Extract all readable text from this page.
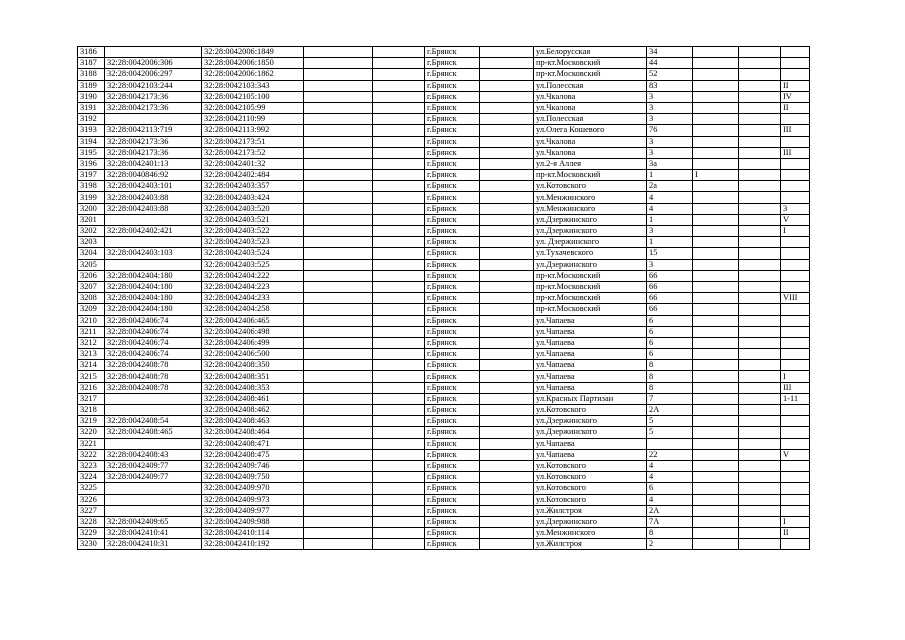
3186		32:28:0042006:1849			г.Брянск		ул.Белорусская	34			
3187	32:28:0042006:306	32:28:0042006:1850			г.Брянск		пр-кт.Московский	44			
3188	32:28:0042006:297	32:28:0042006:1862			г.Брянск		пр-кт.Московский	52			
3189	32:28:0042103:244	32:28:0042103:343			г.Брянск		ул.Полесская	83			II
3190	32:28:0042173:36	32:28:0042105:100			г.Брянск		ул.Чкалова	3			IV
3191	32:28:0042173:36	32:28:0042105:99			г.Брянск		ул.Чкалова	3			II
3192		32:28:0042110:99			г.Брянск		ул.Полесская	3			
3193	32:28:0042113:719	32:28:0042113:992			г.Брянск		ул.Олега Кошевого	76			III
3194	32:28:0042173:36	32:28:0042173:51			г.Брянск		ул.Чкалова	3			
3195	32:28:0042173:36	32:28:0042173:52			г.Брянск		ул.Чкалова	3			III
3196	32:28:0042401:13	32:28:0042401:32			г.Брянск		ул.2-я Аллея	3а			
3197	32:28:0040846:92	32:28:0042402:484			г.Брянск		пр-кт.Московский	1	I		
3198	32:28:0042403:101	32:28:0042403:357			г.Брянск		ул.Котовского	2а			
3199	32:28:0042403:88	32:28:0042403:424			г.Брянск		ул.Менжинского	4			
3200	32:28:0042403:88	32:28:0042403:520			г.Брянск		ул.Менжинского	4			3
3201		32:28:0042403:521			г.Брянск		ул.Дзержинского	1			V
3202	32:28:0042402:421	32:28:0042403:522			г.Брянск		ул.Дзержинского	3			I
3203		32:28:0042403:523			г.Брянск		ул. Дзержинского	1			
3204	32:28:0042403:103	32:28:0042403:524			г.Брянск		ул.Тухачевского	15			
3205		32:28:0042403:525			г.Брянск		ул.Дзержинского	3			
3206	32:28:0042404:180	32:28:0042404:222			г.Брянск		пр-кт.Московский	66			
3207	32:28:0042404:180	32:28:0042404:223			г.Брянск		пр-кт.Московский	66			
3208	32:28:0042404:180	32:28:0042404:233			г.Брянск		пр-кт.Московский	66			VIII
3209	32:28:0042404:180	32:28:0042404:258			г.Брянск		пр-кт.Московский	66			
3210	32:28:0042406:74	32:28:0042406:465			г.Брянск		ул.Чапаева	6			
3211	32:28:0042406:74	32:28:0042406:498			г.Брянск		ул.Чапаева	6			
3212	32:28:0042406:74	32:28:0042406:499			г.Брянск		ул.Чапаева	6			
3213	32:28:0042406:74	32:28:0042406:500			г.Брянск		ул.Чапаева	6			
3214	32:28:0042408:78	32:28:0042408:350			г.Брянск		ул.Чапаева	8			
3215	32:28:0042408:78	32:28:0042408:351			г.Брянск		ул.Чапаева	8			I
3216	32:28:0042408:78	32:28:0042408:353			г.Брянск		ул.Чапаева	8			III
3217		32:28:0042408:461			г.Брянск		ул.Красных Партизан	7			1-11
3218		32:28:0042408:462			г.Брянск		ул.Котовского	2А			
3219	32:28:0042408:54	32:28:0042408:463			г.Брянск		ул.Дзержинского	5			
3220	32:28:0042408:465	32:28:0042408:464			г.Брянск		ул.Дзержинского	5			
3221		32:28:0042408:471			г.Брянск		ул.Чапаева				
3222	32:28:0042408:43	32:28:0042408:475			г.Брянск		ул.Чапаева	22			V
3223	32:28:0042409:77	32:28:0042409:746			г.Брянск		ул.Котовского	4			
3224	32:28:0042409:77	32:28:0042409:750			г.Брянск		ул.Котовского	4			
3225		32:28:0042409:970			г.Брянск		ул.Котовского	6			
3226		32:28:0042409:973			г.Брянск		ул.Котовского	4			
3227		32:28:0042409:977			г.Брянск		ул.Жилстроя	2А			
3228	32:28:0042409:65	32:28:0042409:988			г.Брянск		ул.Дзержинского	7А			I
3229	32:28:0042410:41	32:28:0042410:114			г.Брянск		ул.Менжинского	8			II
3230	32:28:0042410:31	32:28:0042410:192			г.Брянск		ул.Жилстроя	2			
